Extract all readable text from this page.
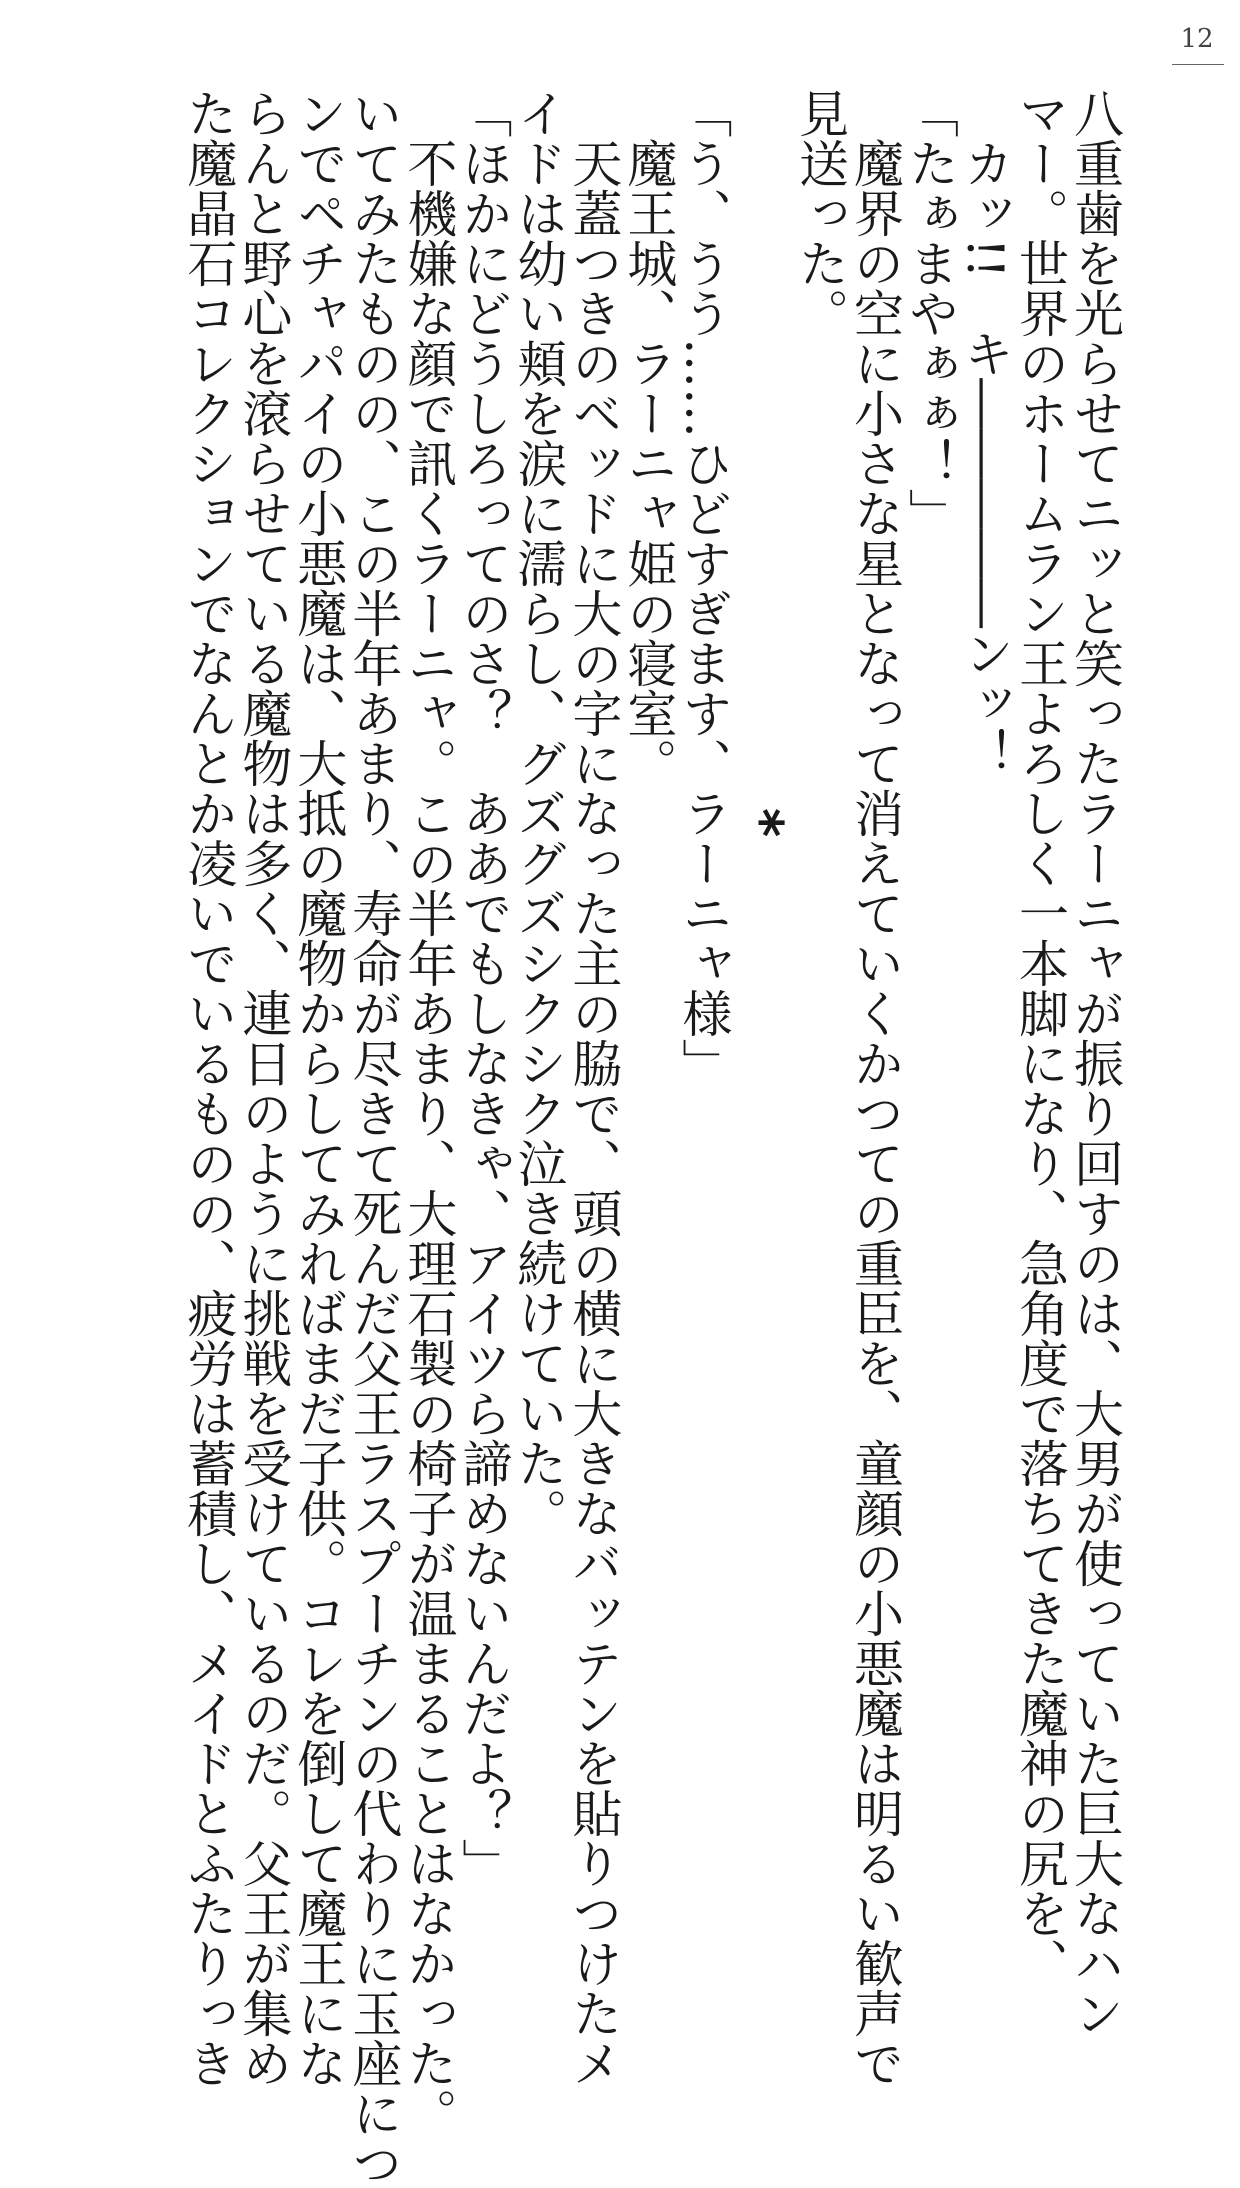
12
八重歯を光らせてニッと笑ったラーニャが振り回すのは、大男が使っていた巨大なハン
マー。世界のホームラン王よろしく一本脚になり、急角度で落ちてきた魔神の尻を、
カッ!!　キ―――――ンッ！
「たぁまやぁぁ！」
魔界の空に小さな星となって消えていくかつての重臣を、童顔の小悪魔は明るい歓声で
見送った。
*
「う、うう……ひどすぎます、ラーニャ様」
魔王城、ラーニャ姫の寝室。
天蓋つきのベッドに大の字になった主の脇で、頭の横に大きなバッテンを貼りつけたメ
イドは幼い頬を涙に濡らし、グズグズシクシク泣き続けていた。
「ほかにどうしろってのさ？　ああでもしなきゃ、アイツら諦めないんだよ？」
不機嫌な顔で訊くラーニャ。この半年あまり、大理石製の椅子が温まることはなかった。
いてみたものの、この半年あまり、寿命が尽きて死んだ父王ラスプーチンの代わりに玉座につ
ンでペチャパイの小悪魔は、大抵の魔物からしてみればまだ子供。コレを倒して魔王にな
らんと野心を滾らせている魔物は多く、連日のように挑戦を受けているのだ。父王が集め
た魔晶石コレクションでなんとか凌いでいるものの、疲労は蓄積し、メイドとふたりっき
